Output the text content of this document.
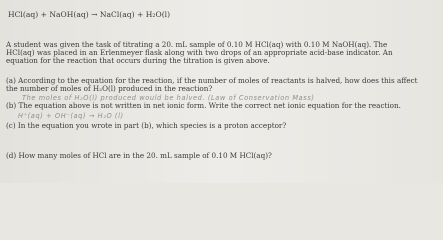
HCl(aq) + NaOH(aq) → NaCl(aq) + H₂O(l)
A student was given the task of titrating a 20. mL sample of 0.10 M HCl(aq) with 0.10 M NaOH(aq). The
HCl(aq) was placed in an Erlenmeyer flask along with two drops of an appropriate acid-base indicator. An
equation for the reaction that occurs during the titration is given above.
(a) According to the equation for the reaction, if the number of moles of reactants is halved, how does this affect
the number of moles of H₂O(l) produced in the reaction?
The moles of H₂O(l) produced would be halved. (Law of Conservation Mass)
(b) The equation above is not written in net ionic form. Write the correct net ionic equation for the reaction.
H⁺(aq) + OH⁻(aq) → H₂O (l)
(c) In the equation you wrote in part (b), which species is a proton acceptor?
(d) How many moles of HCl are in the 20. mL sample of 0.10 M HCl(aq)?
